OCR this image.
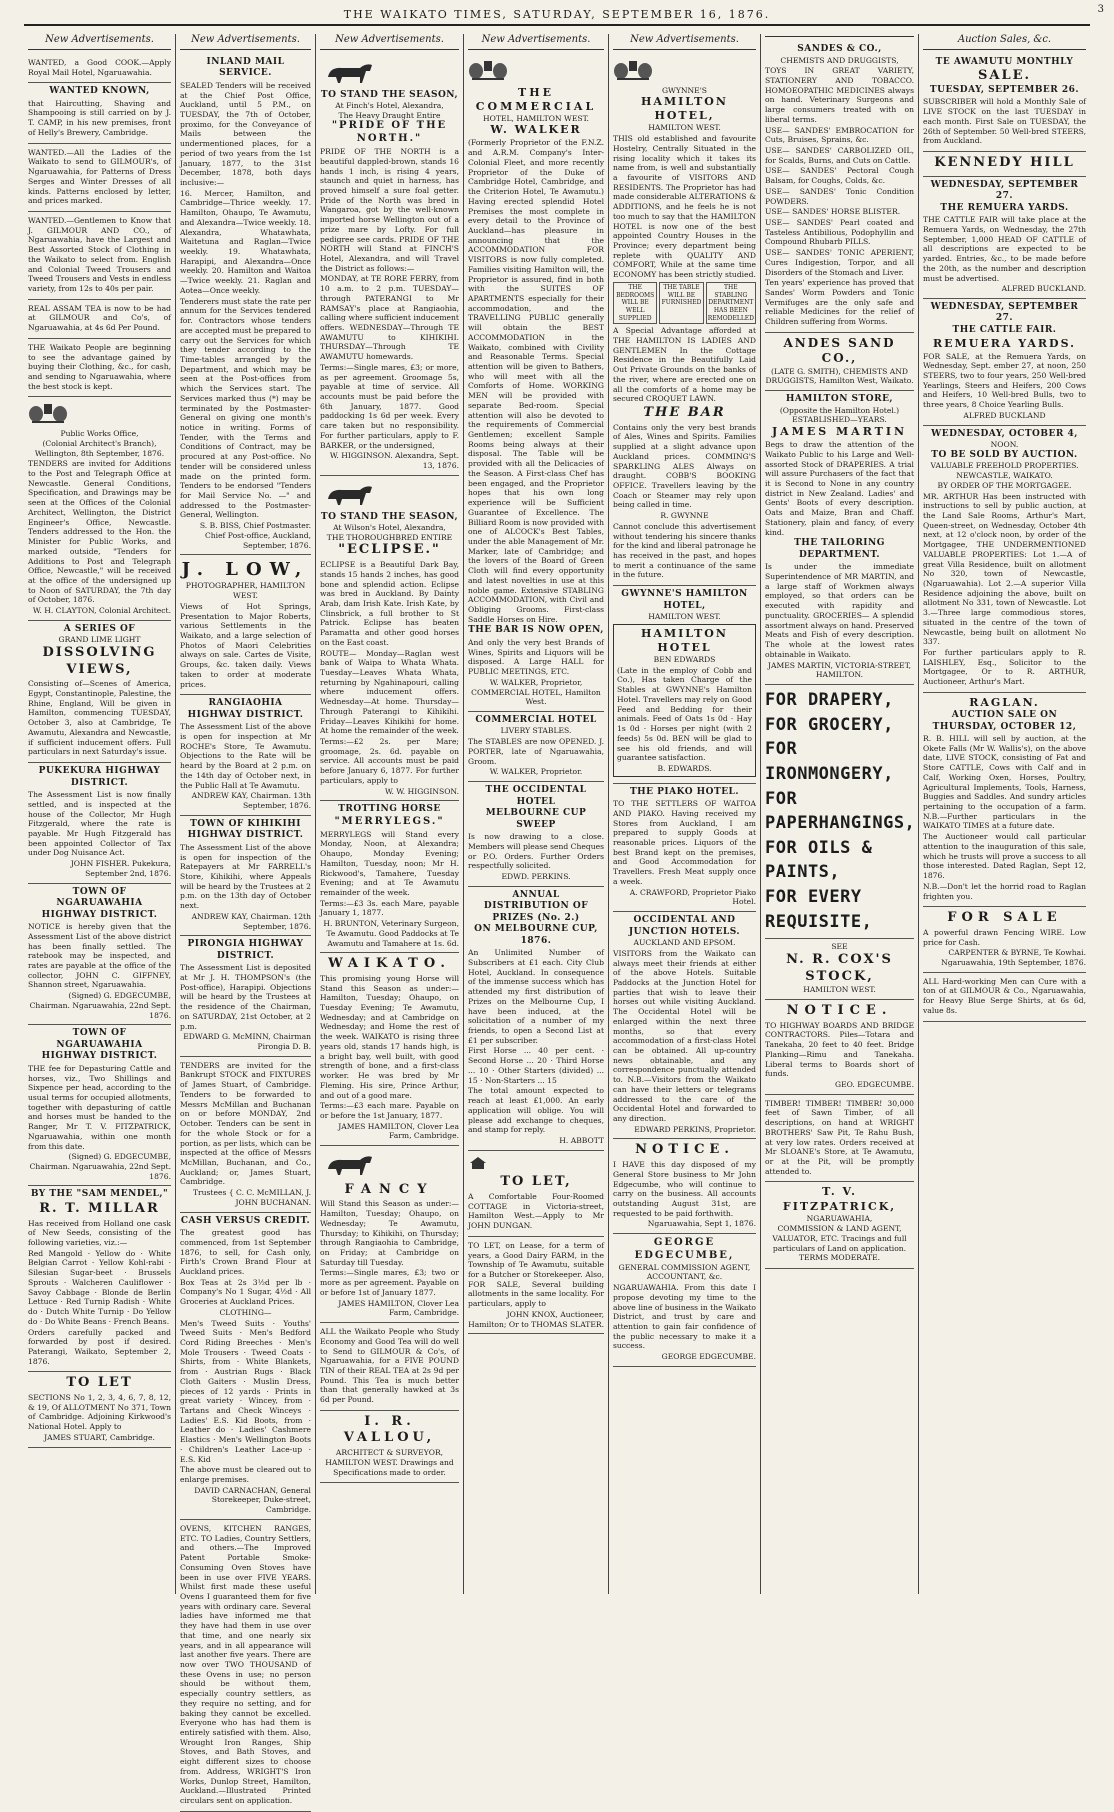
THE WAIKATO TIMES, SATURDAY, SEPTEMBER 16, 1876.	3
New Advertisements.

WANTED, a Good COOK.—Apply Royal Mail Hotel, Ngaruawahia.

WANTED KNOWN,

that Haircutting, Shaving and Shampooing is still carried on by J. T. CAMP, in his new premises, front of Helly's Brewery, Cambridge.

WANTED.—All the Ladies of the Waikato to send to GILMOUR's, of Ngaruawahia, for Patterns of Dress Serges and Winter Dresses of all kinds. Patterns enclosed by letter, and prices marked.

WANTED.—Gentlemen to Know that J. GILMOUR AND CO., of Ngaruawahia, have the Largest and Best Assorted Stock of Clothing in the Waikato to select from. English and Colonial Tweed Trousers and Tweed Trousers and Vests in endless variety, from 12s to 40s per pair.

REAL ASSAM TEA is now to be had at GILMOUR and Co's, of Ngaruawahia, at 4s 6d Per Pound.

THE Waikato People are beginning to see the advantage gained by buying their Clothing, &c., for cash, and sending to Ngaruawahia, where the best stock is kept.

Public Works Office,
(Colonial Architect's Branch), Wellington, 8th September, 1876.

TENDERS are invited for Additions to the Post and Telegraph Office at Newcastle. General Conditions, Specification, and Drawings may be seen at the Offices of the Colonial Architect, Wellington, the District Engineer's Office, Newcastle. Tenders addressed to the Hon. the Minister for Public Works, and marked outside, "Tenders for Additions to Post and Telegraph Office, Newcastle," will be received at the office of the undersigned up to Noon of SATURDAY, the 7th day of October, 1876.

W. H. CLAYTON, Colonial Architect.
A SERIES OF
GRAND LIME LIGHT
DISSOLVING VIEWS,

Consisting of—Scenes of America, Egypt, Constantinople, Palestine, the Rhine, England, Will be given in Hamilton, commencing TUESDAY, October 3, also at Cambridge, Te Awamutu, Alexandra and Newcastle, if sufficient inducement offers. Full particulars in next Saturday's issue.

PUKEKURA HIGHWAY DISTRICT.

The Assessment List is now finally settled, and is inspected at the house of the Collector, Mr Hugh Fitzgerald, where the rate is payable. Mr Hugh Fitzgerald has been appointed Collector of Tax under Dog Nuisance Act.

JOHN FISHER. Pukekura, September 2nd, 1876.
TOWN OF NGARUAWAHIA HIGHWAY DISTRICT.

NOTICE is hereby given that the Assessment List of the above district has been finally settled. The ratebook may be inspected, and rates are payable at the office of the collector, JOHN C. GIFFNEY, Shannon street, Ngaruawahia.

(Signed) G. EDGECUMBE, Chairman. Ngaruawahia, 22nd Sept. 1876.
TOWN OF NGARUAWAHIA HIGHWAY DISTRICT.

THE fee for Depasturing Cattle and horses, viz., Two Shillings and Sixpence per head, according to the usual terms for occupied allotments, together with depasturing of cattle and horses must be handed to the Ranger, Mr T. V. FITZPATRICK, Ngaruawahia, within one month from this date.

(Signed) G. EDGECUMBE, Chairman. Ngaruawahia, 22nd Sept. 1876.
BY THE "SAM MENDEL,"
R. T. MILLAR

Has received from Holland one cask of New Seeds, consisting of the following varieties, viz.:—

Red Mangold · Yellow do · White Belgian Carrot · Yellow Kohl-rabi · Silesian Sugar-beet · Brussels Sprouts · Walcheren Cauliflower · Savoy Cabbage · Blonde de Berlin Lettuce · Red Turnip Radish · White do · Dutch White Turnip · Do Yellow do · Do White Beans · French Beans.

Orders carefully packed and forwarded by post if desired. Paterangi, Waikato, September 2, 1876.

TO LET

SECTIONS No 1, 2, 3, 4, 6, 7, 8, 12, & 19, Of ALLOTMENT No 371, Town of Cambridge. Adjoining Kirkwood's National Hotel. Apply to

JAMES STUART, Cambridge.
New Advertisements.
INLAND MAIL SERVICE.

SEALED Tenders will be received at the Chief Post Office, Auckland, until 5 P.M., on TUESDAY, the 7th of October, proximo, for the Conveyance of Mails between the undermentioned places, for a period of two years from the 1st January, 1877, to the 31st December, 1878, both days inclusive:—

16. Mercer, Hamilton, and Cambridge—Thrice weekly. 17. Hamilton, Ohaupo, Te Awamutu, and Alexandra—Twice weekly. 18. Alexandra, Whatawhata, Waitetuna and Raglan—Twice weekly. 19. Whatawhata, Harapipi, and Alexandra—Once weekly. 20. Hamilton and Waitoa—Twice weekly. 21. Raglan and Aotea—Once weekly.

Tenderers must state the rate per annum for the Services tendered for. Contractors whose tenders are accepted must be prepared to carry out the Services for which they tender according to the Time-tables arranged by the Department, and which may be seen at the Post-offices from which the Services start. The Services marked thus (*) may be terminated by the Postmaster-General on giving one month's notice in writing. Forms of Tender, with the Terms and Conditions of Contract, may be procured at any Post-office. No tender will be considered unless made on the printed form. Tenders to be endorsed "Tenders for Mail Service No. —" and addressed to the Postmaster-General, Wellington.

S. B. BISS, Chief Postmaster. Chief Post-office, Auckland, September, 1876.
J. LOW,
PHOTOGRAPHER, HAMILTON WEST.

Views of Hot Springs, Presentation to Major Roberts, various Settlements in the Waikato, and a large selection of Photos of Maori Celebrities always on sale. Cartes de Visite, Groups, &c. taken daily. Views taken to order at moderate prices.

RANGIAOHIA HIGHWAY DISTRICT.

The Assessment List of the above is open for inspection at Mr ROCHE's Store, Te Awamutu. Objections to the Rate will be heard by the Board at 2 p.m. on the 14th day of October next, in the Public Hall at Te Awamutu.

ANDREW KAY, Chairman. 13th September, 1876.
TOWN OF KIHIKIHI HIGHWAY DISTRICT.

The Assessment List of the above is open for inspection of the Ratepayers at Mr FARRELL's Store, Kihikihi, where Appeals will be heard by the Trustees at 2 p.m. on the 13th day of October next.

ANDREW KAY, Chairman. 12th September, 1876.
PIRONGIA HIGHWAY DISTRICT.

The Assessment List is deposited at Mr J. H. THOMPSON's (the Post-office), Harapipi. Objections will be heard by the Trustees at the residence of the Chairman, on SATURDAY, 21st October, at 2 p.m.

EDWARD G. McMINN, Chairman Pirongia D. B.

TENDERS are invited for the Bankrupt STOCK and FIXTURES of James Stuart, of Cambridge. Tenders to be forwarded to Messrs McMillan and Buchanan on or before MONDAY, 2nd October. Tenders can be sent in for the whole Stock or for a portion, as per lists, which can be inspected at the office of Messrs McMillan, Buchanan, and Co., Auckland; or, James Stuart, Cambridge.

Trustees { C. C. McMILLAN, J. JOHN BUCHANAN.
CASH VERSUS CREDIT.

The greatest good has commenced, from 1st September 1876, to sell, for Cash only, Firth's Crown Brand Flour at Auckland prices.

Box Teas at 2s 3½d per lb · Company's No 1 Sugar, 4½d · All Groceries at Auckland Prices.

CLOTHING—

Men's Tweed Suits · Youths' Tweed Suits · Men's Bedford Cord Riding Breeches · Men's Mole Trousers · Tweed Coats · Shirts, from · White Blankets, from · Austrian Rugs · Black Cloth Gaiters · Muslin Dress, pieces of 12 yards · Prints in great variety · Wincey, from · Tartans and Check Winceys · Ladies' E.S. Kid Boots, from · Leather do · Ladies' Cashmere Elastics · Men's Wellington Boots · Children's Leather Lace-up · E.S. Kid

The above must be cleared out to enlarge premises.

DAVID CARNACHAN, General Storekeeper, Duke-street, Cambridge.

OVENS, KITCHEN RANGES, ETC. TO Ladies, Country Settlers, and others.—The Improved Patent Portable Smoke-Consuming Oven Stoves have been in use over FIVE YEARS. Whilst first made these useful Ovens I guaranteed them for five years with ordinary care. Several ladies have informed me that they have had them in use over that time, and one nearly six years, and in all appearance will last another five years. There are now over TWO THOUSAND of these Ovens in use; no person should be without them, especially country settlers, as they require no setting, and for baking they cannot be excelled. Everyone who has had them is entirely satisfied with them. Also, Wrought Iron Ranges, Ship Stoves, and Bath Stoves, and eight different sizes to choose from. Address, WRIGHT'S Iron Works, Dunlop Street, Hamilton, Auckland.—Illustrated Printed circulars sent on application.

New Advertisements.
TO STAND THE SEASON,
At Finch's Hotel, Alexandra,
The Heavy Draught Entire
"PRIDE OF THE NORTH."

PRIDE OF THE NORTH is a beautiful dappled-brown, stands 16 hands 1 inch, is rising 4 years, staunch and quiet in harness, has proved himself a sure foal getter. Pride of the North was bred in Wangaroa, got by the well-known imported horse Wellington out of a prize mare by Lofty. For full pedigree see cards. PRIDE OF THE NORTH will Stand at FINCH'S Hotel, Alexandra, and will Travel the District as follows:—

MONDAY, at TE RORE FERRY, from 10 a.m. to 2 p.m. TUESDAY—through PATERANGI to Mr RAMSAY's place at Rangiaohia, calling where sufficient inducement offers. WEDNESDAY—Through TE AWAMUTU to KIHIKIHI. THURSDAY—Through TE AWAMUTU homewards.

Terms:—Single mares, £3; or more, as per agreement. Groomage 5s, payable at time of service. All accounts must be paid before the 6th January, 1877. Good paddocking 1s 6d per week. Every care taken but no responsibility. For further particulars, apply to F. BARKER, or the undersigned,

W. HIGGINSON. Alexandra, Sept. 13, 1876.
TO STAND THE SEASON,
At Wilson's Hotel, Alexandra,
THE THOROUGHBRED ENTIRE
"ECLIPSE."

ECLIPSE is a Beautiful Dark Bay, stands 15 hands 2 inches, has good bone and splendid action. Eclipse was bred in Auckland. By Dainty Arab, dam Irish Kate. Irish Kate, by Clinsbrick, a full brother to St Patrick. Eclipse has beaten Paramatta and other good horses on the East coast.

ROUTE— Monday—Raglan west bank of Waipa to Whata Whata. Tuesday—Leaves Whata Whata, returning by Ngahinapouri, calling where inducement offers. Wednesday—At home. Thursday—Through Paterangi to Kihikihi. Friday—Leaves Kihikihi for home. At home the remainder of the week.

Terms:—£2 2s. per Mare; groomage, 2s. 6d. payable on service. All accounts must be paid before January 6, 1877. For further particulars, apply to

W. W. HIGGINSON.
TROTTING HORSE
"MERRYLEGS."

MERRYLEGS will Stand every Monday, Noon, at Alexandra; Ohaupo, Monday Evening; Hamilton, Tuesday, noon; Mr H. Rickwood's, Tamahere, Tuesday Evening; and at Te Awamutu remainder of the week.

Terms:—£3 3s. each Mare, payable January 1, 1877.

H. BRUNTON, Veterinary Surgeon, Te Awamutu. Good Paddocks at Te Awamutu and Tamahere at 1s. 6d.
WAIKATO.

This promising young Horse will Stand this Season as under:—Hamilton, Tuesday; Ohaupo, on Tuesday Evening; Te Awamutu, Wednesday; and at Cambridge on Wednesday; and Home the rest of the week. WAIKATO is rising three years old, stands 17 hands high, is a bright bay, well built, with good strength of bone, and a first-class worker. He was bred by Mr Fleming. His sire, Prince Arthur, and out of a good mare.

Terms:—£3 each mare. Payable on or before the 1st January, 1877.

JAMES HAMILTON, Clover Lea Farm, Cambridge.
FANCY

Will Stand this Season as under:—Hamilton, Tuesday; Ohaupo, on Wednesday; Te Awamutu, Thursday; to Kihikihi, on Thursday; through Rangiaohia to Cambridge, on Friday; at Cambridge on Saturday till Tuesday.

Terms:—Single mares, £3; two or more as per agreement. Payable on or before 1st of January 1877.

JAMES HAMILTON, Clover Lea Farm, Cambridge.

ALL the Waikato People who Study Economy and Good Tea will do well to Send to GILMOUR & Co's, of Ngaruawahia, for a FIVE POUND TIN of their REAL TEA at 2s 9d per Pound. This Tea is much better than that generally hawked at 3s 6d per Pound.

I. R. VALLOU,

ARCHITECT & SURVEYOR, HAMILTON WEST. Drawings and Specifications made to order.

New Advertisements.
THE COMMERCIAL
HOTEL, HAMILTON WEST.
W. WALKER

(Formerly Proprietor of the F.N.Z. and A.R.M. Company's Inter-Colonial Fleet, and more recently Proprietor of the Duke of Cambridge Hotel, Cambridge, and the Criterion Hotel, Te Awamutu.) Having erected splendid Hotel Premises the most complete in every detail to the Province of Auckland—has pleasure in announcing that the ACCOMMODATION FOR VISITORS is now fully completed. Families visiting Hamilton will, the Proprietor is assured, find in both with the SUITES OF APARTMENTS especially for their accommodation, and the TRAVELLING PUBLIC generally will obtain the BEST ACCOMMODATION in the Waikato, combined with Civility and Reasonable Terms. Special attention will be given to Bathers, who will meet with all the Comforts of Home. WORKING MEN will be provided with separate Bed-room. Special attention will also be devoted to the requirements of Commercial Gentlemen; excellent Sample Rooms being always at their disposal. The Table will be provided with all the Delicacies of the Season. A First-class Chef has been engaged, and the Proprietor hopes that his own long experience will be Sufficient Guarantee of Excellence. The Billiard Room is now provided with one of ALCOCK's Best Tables, under the able Management of Mr. Marker, late of Cambridge; and the lovers of the Board of Green Cloth will find every opportunity and latest novelties in use at this noble game. Extensive STABLING ACCOMMODATION, with Civil and Obliging Grooms. First-class Saddle Horses on Hire.

THE BAR IS NOW OPEN,

And only the very best Brands of Wines, Spirits and Liquors will be disposed. A Large HALL for PUBLIC MEETINGS, ETC.

W. WALKER, Proprietor, COMMERCIAL HOTEL, Hamilton West.
COMMERCIAL HOTEL
LIVERY STABLES.

The STABLES are now OPENED. J. PORTER, late of Ngaruawahia, Groom.

W. WALKER, Proprietor.
THE OCCIDENTAL HOTEL
MELBOURNE CUP SWEEP

Is now drawing to a close. Members will please send Cheques or P.O. Orders. Further Orders respectfully solicited.

EDWD. PERKINS.
ANNUAL DISTRIBUTION OF PRIZES (No. 2.)
ON MELBOURNE CUP, 1876.

An Unlimited Number of Subscribers at £1 each. City Club Hotel, Auckland. In consequence of the immense success which has attended my first distribution of Prizes on the Melbourne Cup, I have been induced, at the solicitation of a number of my friends, to open a Second List at £1 per subscriber.

First Horse ... 40 per cent. · Second Horse ... 20 · Third Horse ... 10 · Other Starters (divided) ... 15 · Non-Starters ... 15

The total amount expected to reach at least £1,000. An early application will oblige. You will please add exchange to cheques, and stamp for reply.

H. ABBOTT
TO LET,

A Comfortable Four-Roomed COTTAGE in Victoria-street, Hamilton West.—Apply to Mr JOHN DUNGAN.

TO LET, on Lease, for a term of years, a Good Dairy FARM, in the Township of Te Awamutu, suitable for a Butcher or Storekeeper. Also, FOR SALE, Several building allotments in the same locality. For particulars, apply to

JOHN KNOX, Auctioneer, Hamilton; Or to THOMAS SLATER.
New Advertisements.
GWYNNE'S
HAMILTON HOTEL,
HAMILTON WEST.

THIS old established and favourite Hostelry, Centrally Situated in the rising locality which it takes its name from, is well and substantially a favourite of VISITORS AND RESIDENTS. The Proprietor has had made considerable ALTERATIONS & ADDITIONS, and he feels he is not too much to say that the HAMILTON HOTEL is now one of the best appointed Country Houses in the Province; every department being replete with QUALITY AND COMFORT, While at the same time ECONOMY has been strictly studied.

THE BEDROOMS WILL BE WELL SUPPLIED
THE TABLE WILL BE FURNISHED
THE STABLING DEPARTMENT HAS BEEN REMODELLED

A Special Advantage afforded at THE HAMILTON IS LADIES AND GENTLEMEN In the Cottage Residence in the Beautifully Laid Out Private Grounds on the banks of the river, where are erected one on all the comforts of a home may be secured CROQUET LAWN.

THE BAR

Contains only the very best brands of Ales, Wines and Spirits. Families supplied at a slight advance upon Auckland prices. COMMING'S SPARKLING ALES Always on draught. COBB'S BOOKING OFFICE. Travellers leaving by the Coach or Steamer may rely upon being called in time.

R. GWYNNE

Cannot conclude this advertisement without tendering his sincere thanks for the kind and liberal patronage he has received in the past, and hopes to merit a continuance of the same in the future.

GWYNNE'S HAMILTON HOTEL,
HAMILTON WEST.
HAMILTON HOTEL
BEN EDWARDS

(Late in the employ of Cobb and Co.), Has taken Charge of the Stables at GWYNNE's Hamilton Hotel. Travellers may rely on Good Feed and Bedding for their animals. Feed of Oats 1s 0d · Hay 1s 0d · Horses per night (with 2 feeds) 5s 0d. BEN will be glad to see his old friends, and will guarantee satisfaction.

B. EDWARDS.
THE PIAKO HOTEL.

TO THE SETTLERS OF WAITOA AND PIAKO. Having received my Stores from Auckland, I am prepared to supply Goods at reasonable prices. Liquors of the best Brand kept on the premises, and Good Accommodation for Travellers. Fresh Meat supply once a week.

A. CRAWFORD, Proprietor Piako Hotel.
OCCIDENTAL AND JUNCTION HOTELS.
AUCKLAND AND EPSOM.

VISITORS from the Waikato can always meet their friends at either of the above Hotels. Suitable Paddocks at the Junction Hotel for parties that wish to leave their horses out while visiting Auckland. The Occidental Hotel will be enlarged within the next three months, so that every accommodation of a first-class Hotel can be obtained. All up-country news obtainable, and any correspondence punctually attended to. N.B.—Visitors from the Waikato can have their letters or telegrams addressed to the care of the Occidental Hotel and forwarded to any direction.

EDWARD PERKINS, Proprietor.
NOTICE.

I HAVE this day disposed of my General Store business to Mr John Edgecumbe, who will continue to carry on the business. All accounts outstanding August 31st, are requested to be paid forthwith.

Ngaruawahia, Sept 1, 1876.
GEORGE EDGECUMBE,
GENERAL COMMISSION AGENT, ACCOUNTANT, &c.

NGARUAWAHIA. From this date I propose devoting my time to the above line of business in the Waikato District, and trust by care and attention to gain fair confidence of the public necessary to make it a success.

GEORGE EDGECUMBE.
SANDES & CO.,
CHEMISTS AND DRUGGISTS,

TOYS IN GREAT VARIETY, STATIONERY AND TOBACCO. HOMOEOPATHIC MEDICINES always on hand. Veterinary Surgeons and large consumers treated with on liberal terms.

USE— SANDES' EMBROCATION for Cuts, Bruises, Sprains, &c.

USE— SANDES' CARBOLIZED OIL, for Scalds, Burns, and Cuts on Cattle.

USE— SANDES' Pectoral Cough Balsam, for Coughs, Colds, &c.

USE— SANDES' Tonic Condition POWDERS.

USE— SANDES' HORSE BLISTER.

USE— SANDES' Pearl coated and Tasteless Antibilious, Podophyllin and Compound Rhubarb PILLS.

USE— SANDES' TONIC APERIENT, Cures Indigestion, Torpor, and all Disorders of the Stomach and Liver.

Ten years' experience has proved that Sandes' Worm Powders and Tonic Vermifuges are the only safe and reliable Medicines for the relief of Children suffering from Worms.

ANDES SAND CO.,
(LATE G. SMITH), CHEMISTS AND DRUGGISTS, Hamilton West, Waikato.
HAMILTON STORE,
(Opposite the Hamilton Hotel.) ESTABLISHED—YEARS.
JAMES MARTIN

Begs to draw the attention of the Waikato Public to his Large and Well-assorted Stock of DRAPERIES. A trial will assure Purchasers of the fact that it is Second to None in any country district in New Zealand. Ladies' and Gents' Boots of every description. Oats and Maize, Bran and Chaff. Stationery, plain and fancy, of every kind.

THE TAILORING DEPARTMENT.

Is under the immediate Superintendence of MR MARTIN, and a large staff of Workmen always employed, so that orders can be executed with rapidity and punctuality. GROCERIES— A splendid assortment always on hand. Preserved Meats and Fish of every description. The whole at the lowest rates obtainable in Waikato.

JAMES MARTIN, VICTORIA-STREET, HAMILTON.
FOR DRAPERY,
FOR GROCERY,
FOR IRONMONGERY,
FOR PAPERHANGINGS,
FOR OILS & PAINTS,
FOR EVERY REQUISITE,
SEE
N. R. COX'S STOCK,
HAMILTON WEST.
NOTICE.

TO HIGHWAY BOARDS AND BRIDGE CONTRACTORS. Piles—Totara and Tanekaha, 20 feet to 40 feet. Bridge Planking—Rimu and Tanekaha. Liberal terms to Boards short of funds.

GEO. EDGECUMBE.

TIMBER! TIMBER! TIMBER! 30,000 feet of Sawn Timber, of all descriptions, on hand at WRIGHT BROTHERS' Saw Pit, Te Rahu Bush, at very low rates. Orders received at Mr SLOANE's Store, at Te Awamutu, or at the Pit, will be promptly attended to.

T. V. FITZPATRICK,
NGARUAWAHIA,

COMMISSION & LAND AGENT, VALUATOR, ETC. Tracings and full particulars of Land on application. TERMS MODERATE.

Auction Sales, &c.
TE AWAMUTU MONTHLY
SALE.
TUESDAY, SEPTEMBER 26.

SUBSCRIBER will hold a Monthly Sale of LIVE STOCK on the last TUESDAY in each month. First Sale on TUESDAY, the 26th of September. 50 Well-bred STEERS, from Auckland.

KENNEDY HILL
WEDNESDAY, SEPTEMBER 27.
THE REMUERA YARDS.

THE CATTLE FAIR will take place at the Remuera Yards, on Wednesday, the 27th September, 1,000 HEAD OF CATTLE of all descriptions are expected to be yarded. Entries, &c., to be made before the 20th, as the number and description must be advertised.

ALFRED BUCKLAND.
WEDNESDAY, SEPTEMBER 27.
THE CATTLE FAIR.
REMUERA YARDS.

FOR SALE, at the Remuera Yards, on Wednesday, Sept. ember 27, at noon, 250 STEERS, two to four years, 250 Well-bred Yearlings, Steers and Heifers, 200 Cows and Heifers, 10 Well-bred Bulls, two to three years, 8 Choice Yearling Bulls.

ALFRED BUCKLAND
WEDNESDAY, OCTOBER 4,
NOON.
TO BE SOLD BY AUCTION.
VALUABLE FREEHOLD PROPERTIES. NEWCASTLE, WAIKATO.
BY ORDER OF THE MORTGAGEE.

MR. ARTHUR Has been instructed with instructions to sell by public auction, at the Land Sale Rooms, Arthur's Mart, Queen-street, on Wednesday, October 4th next, at 12 o'clock noon, by order of the Mortgagee, THE UNDERMENTIONED VALUABLE PROPERTIES: Lot 1.—A of great Villa Residence, built on allotment No 320, town of Newcastle, (Ngaruawahia). Lot 2.—A superior Villa Residence adjoining the above, built on allotment No 331, town of Newcastle. Lot 3.—Three large commodious stores, situated in the centre of the town of Newcastle, being built on allotment No 337.

For further particulars apply to R. LAISHLEY, Esq., Solicitor to the Mortgagee, Or to R. ARTHUR, Auctioneer, Arthur's Mart.

RAGLAN.
AUCTION SALE ON THURSDAY, OCTOBER 12,

R. B. HILL will sell by auction, at the Okete Falls (Mr W. Wallis's), on the above date, LIVE STOCK, consisting of Fat and Store CATTLE, Cows with Calf and in Calf, Working Oxen, Horses, Poultry, Agricultural Implements, Tools, Harness, Buggies and Saddles. And sundry articles pertaining to the occupation of a farm. N.B.—Further particulars in the WAIKATO TIMES at a future date.

The Auctioneer would call particular attention to the inauguration of this sale, which he trusts will prove a success to all those interested. Dated Raglan, Sept 12, 1876.

N.B.—Don't let the horrid road to Raglan frighten you.

FOR SALE

A powerful drawn Fencing WIRE. Low price for Cash.

CARPENTER & BYRNE, Te Kowhai. Ngaruawahia, 19th September, 1876.

ALL Hard-working Men can Cure with a ton of at GILMOUR & Co., Ngaruawahia, for Heavy Blue Serge Shirts, at 6s 6d, value 8s.
